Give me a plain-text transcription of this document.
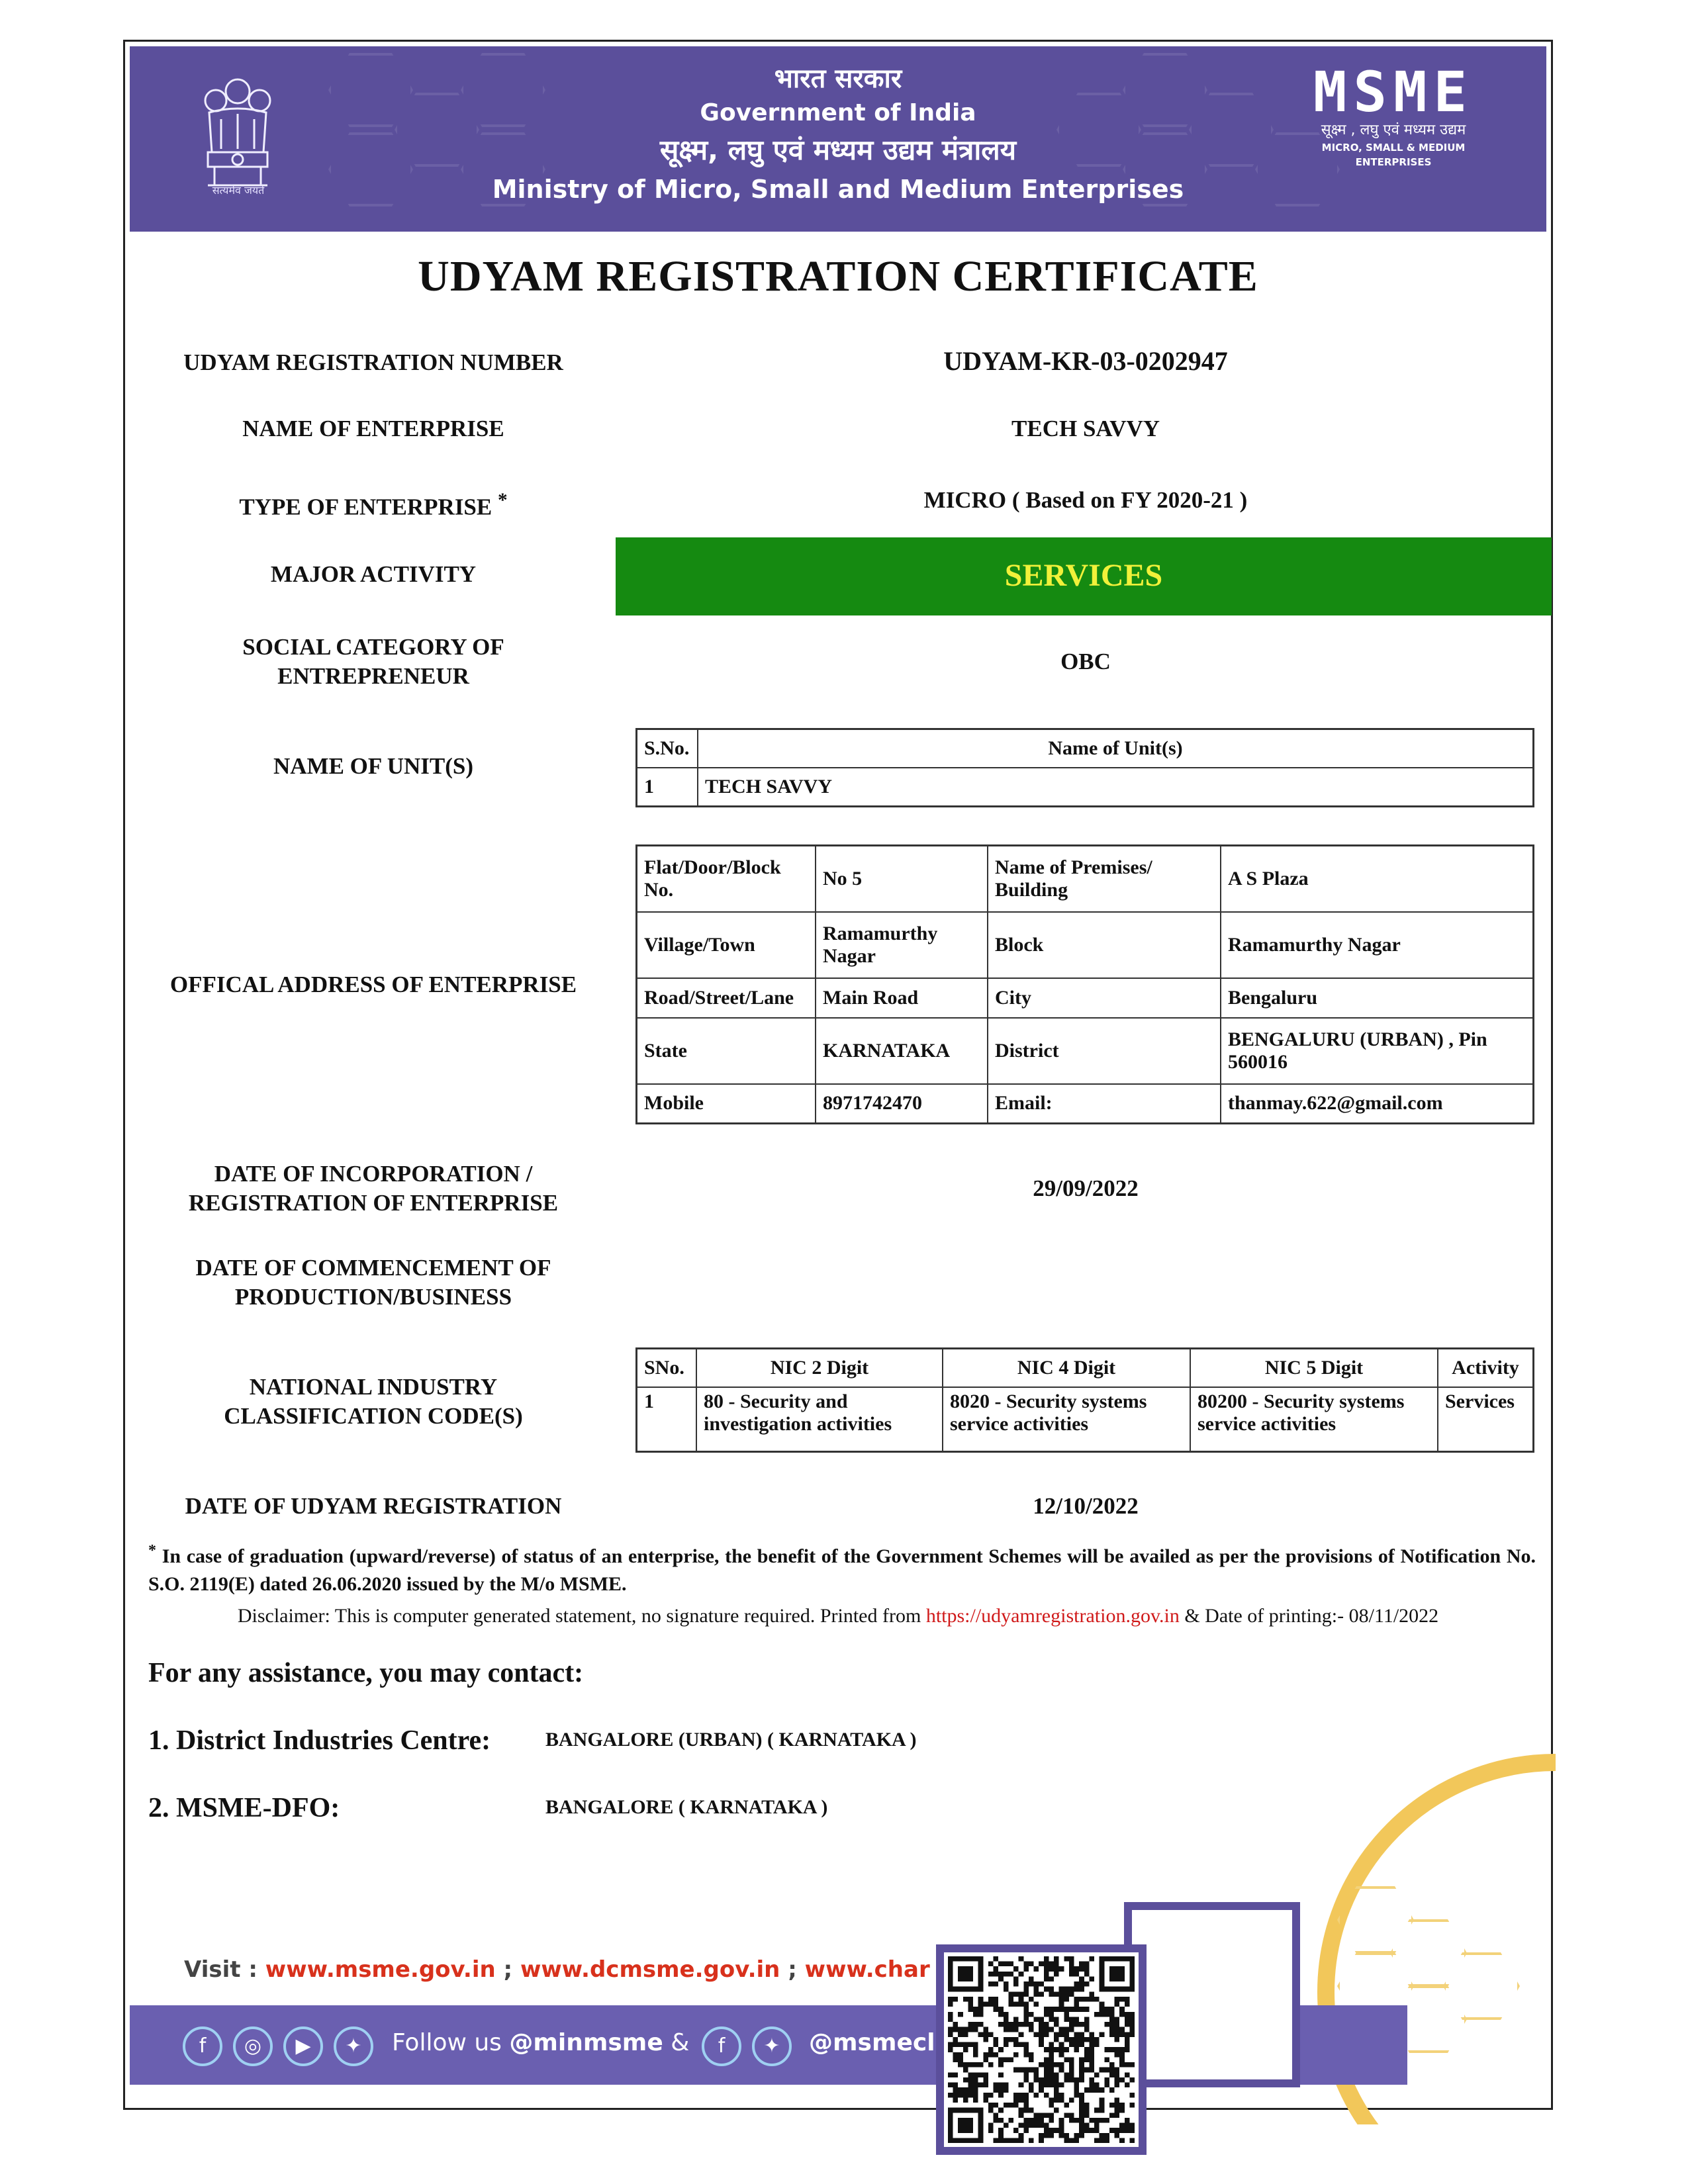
सत्यमेव जयते
भारत सरकार
Government of India
सूक्ष्म, लघु एवं मध्यम उद्यम मंत्रालय
Ministry of Micro, Small and Medium Enterprises
MSME
सूक्ष्म , लघु एवं मध्यम उद्यम
MICRO, SMALL & MEDIUM ENTERPRISES
UDYAM REGISTRATION CERTIFICATE
UDYAM REGISTRATION NUMBER	UDYAM-KR-03-0202947
NAME OF ENTERPRISE	TECH SAVVY
TYPE OF ENTERPRISE *	MICRO ( Based on FY 2020-21 )
MAJOR ACTIVITY	SERVICES
SOCIAL CATEGORY OF
ENTREPRENEUR
OBC
NAME OF UNIT(S)
S.No.	Name of Unit(s)
1	TECH SAVVY
OFFICAL ADDRESS OF ENTERPRISE
Flat/Door/Block No.	No 5	Name of Premises/ Building	A S Plaza
Village/Town	Ramamurthy Nagar	Block	Ramamurthy Nagar
Road/Street/Lane	Main Road	City	Bengaluru
State	KARNATAKA	District	BENGALURU (URBAN) , Pin 560016
Mobile	8971742470	Email:	thanmay.622@gmail.com
DATE OF INCORPORATION /
REGISTRATION OF ENTERPRISE
29/09/2022
DATE OF COMMENCEMENT OF
PRODUCTION/BUSINESS
NATIONAL INDUSTRY
CLASSIFICATION CODE(S)
SNo.	NIC 2 Digit	NIC 4 Digit	NIC 5 Digit	Activity
1	80 - Security and investigation activities	8020 - Security systems service activities	80200 - Security systems service activities	Services
DATE OF UDYAM REGISTRATION	12/10/2022
* In case of graduation (upward/reverse) of status of an enterprise, the benefit of the Government Schemes will be availed as per the provisions of Notification No. S.O. 2119(E) dated 26.06.2020 issued by the M/o MSME.
Disclaimer: This is computer generated statement, no signature required. Printed from https://udyamregistration.gov.in & Date of printing:- 08/11/2022
For any assistance, you may contact:
1. District Industries Centre:	BANGALORE (URBAN) ( KARNATAKA )
2. MSME-DFO:	BANGALORE ( KARNATAKA )
Visit : www.msme.gov.in ; www.dcmsme.gov.in ; www.char
f	◎	▶	✦	Follow us @minmsme &	f	✦	@msmecl
